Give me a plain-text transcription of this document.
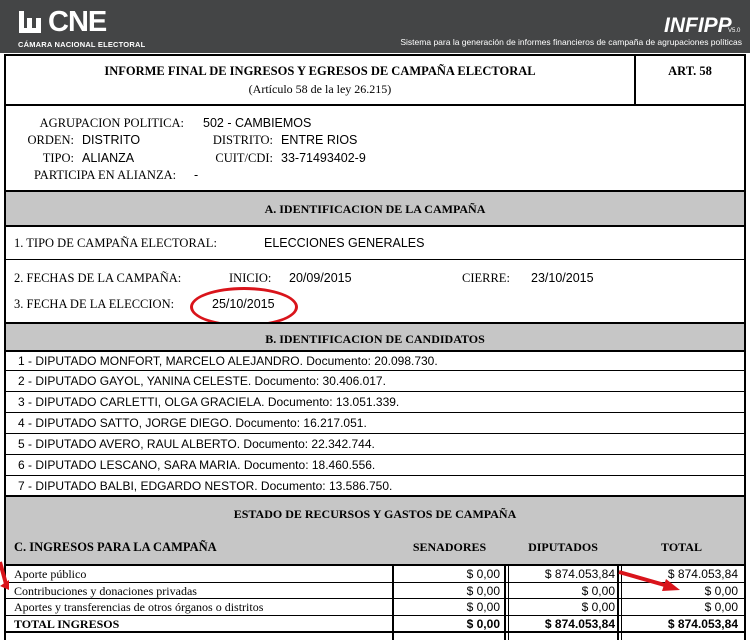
CNE
CÁMARA NACIONAL ELECTORAL
INFIPP
V5.0
Sistema para la generación de informes financieros de campaña de agrupaciones políticas
INFORME FINAL DE INGRESOS Y EGRESOS DE CAMPAÑA ELECTORAL
(Artículo 58 de la ley 26.215)
ART. 58
AGRUPACION POLITICA: 502 - CAMBIEMOS
ORDEN: DISTRITO	DISTRITO: ENTRE RIOS
TIPO: ALIANZA	CUIT/CDI: 33-71493402-9
PARTICIPA EN ALIANZA: -
A. IDENTIFICACION DE LA CAMPAÑA
1. TIPO DE CAMPAÑA ELECTORAL:	ELECCIONES GENERALES
2. FECHAS DE LA CAMPAÑA:	INICIO: 20/09/2015	CIERRE: 23/10/2015
3. FECHA DE LA ELECCION:	25/10/2015
B. IDENTIFICACION DE CANDIDATOS
1 - DIPUTADO MONFORT, MARCELO ALEJANDRO. Documento: 20.098.730.
2 - DIPUTADO GAYOL, YANINA CELESTE. Documento: 30.406.017.
3 - DIPUTADO CARLETTI, OLGA GRACIELA. Documento: 13.051.339.
4 - DIPUTADO SATTO, JORGE DIEGO. Documento: 16.217.051.
5 - DIPUTADO AVERO, RAUL ALBERTO. Documento: 22.342.744.
6 - DIPUTADO LESCANO, SARA MARIA. Documento: 18.460.556.
7 - DIPUTADO BALBI, EDGARDO NESTOR. Documento: 13.586.750.
ESTADO DE RECURSOS Y GASTOS DE CAMPAÑA
C. INGRESOS PARA LA CAMPAÑA	SENADORES	DIPUTADOS	TOTAL
Aporte público	$ 0,00	$ 874.053,84	$ 874.053,84
Contribuciones y donaciones privadas	$ 0,00	$ 0,00	$ 0,00
Aportes y transferencias de otros órganos o distritos	$ 0,00	$ 0,00	$ 0,00
TOTAL INGRESOS	$ 0,00	$ 874.053,84	$ 874.053,84
